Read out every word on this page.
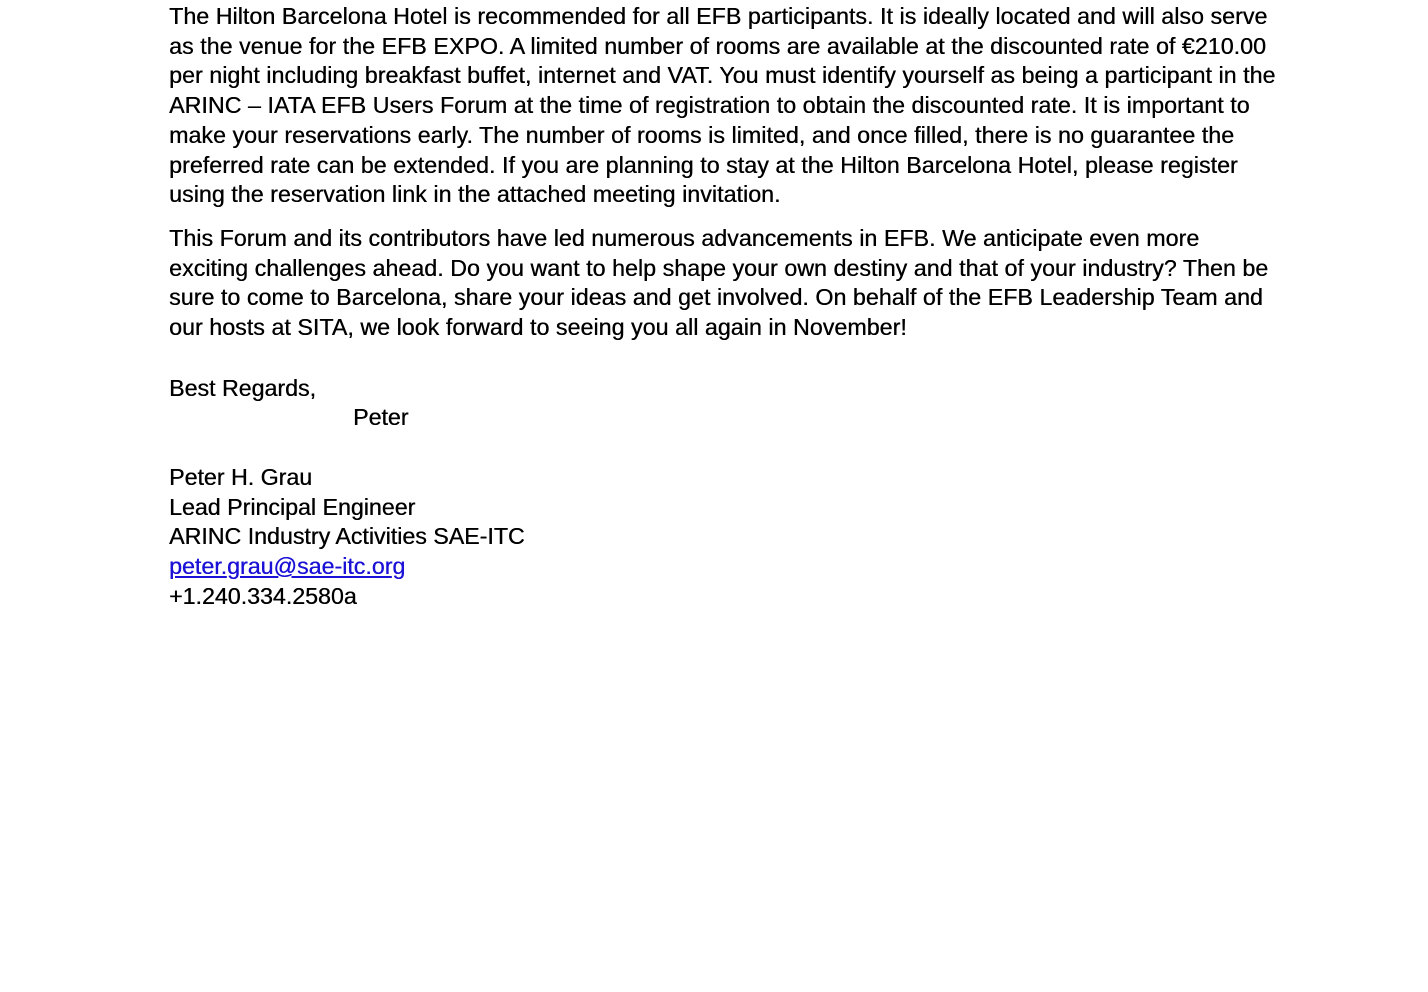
The Hilton Barcelona Hotel is recommended for all EFB participants. It is ideally located and will also serve as the venue for the EFB EXPO. A limited number of rooms are available at the discounted rate of €210.00 per night including breakfast buffet, internet and VAT. You must identify yourself as being a participant in the ARINC – IATA EFB Users Forum at the time of registration to obtain the discounted rate. It is important to make your reservations early. The number of rooms is limited, and once filled, there is no guarantee the preferred rate can be extended. If you are planning to stay at the Hilton Barcelona Hotel, please register using the reservation link in the attached meeting invitation.

This Forum and its contributors have led numerous advancements in EFB. We anticipate even more exciting challenges ahead. Do you want to help shape your own destiny and that of your industry? Then be sure to come to Barcelona, share your ideas and get involved. On behalf of the EFB Leadership Team and our hosts at SITA, we look forward to seeing you all again in November!

Best Regards,
Peter
Peter H. Grau
Lead Principal Engineer
ARINC Industry Activities SAE-ITC
peter.grau@sae-itc.org
+1.240.334.2580a
